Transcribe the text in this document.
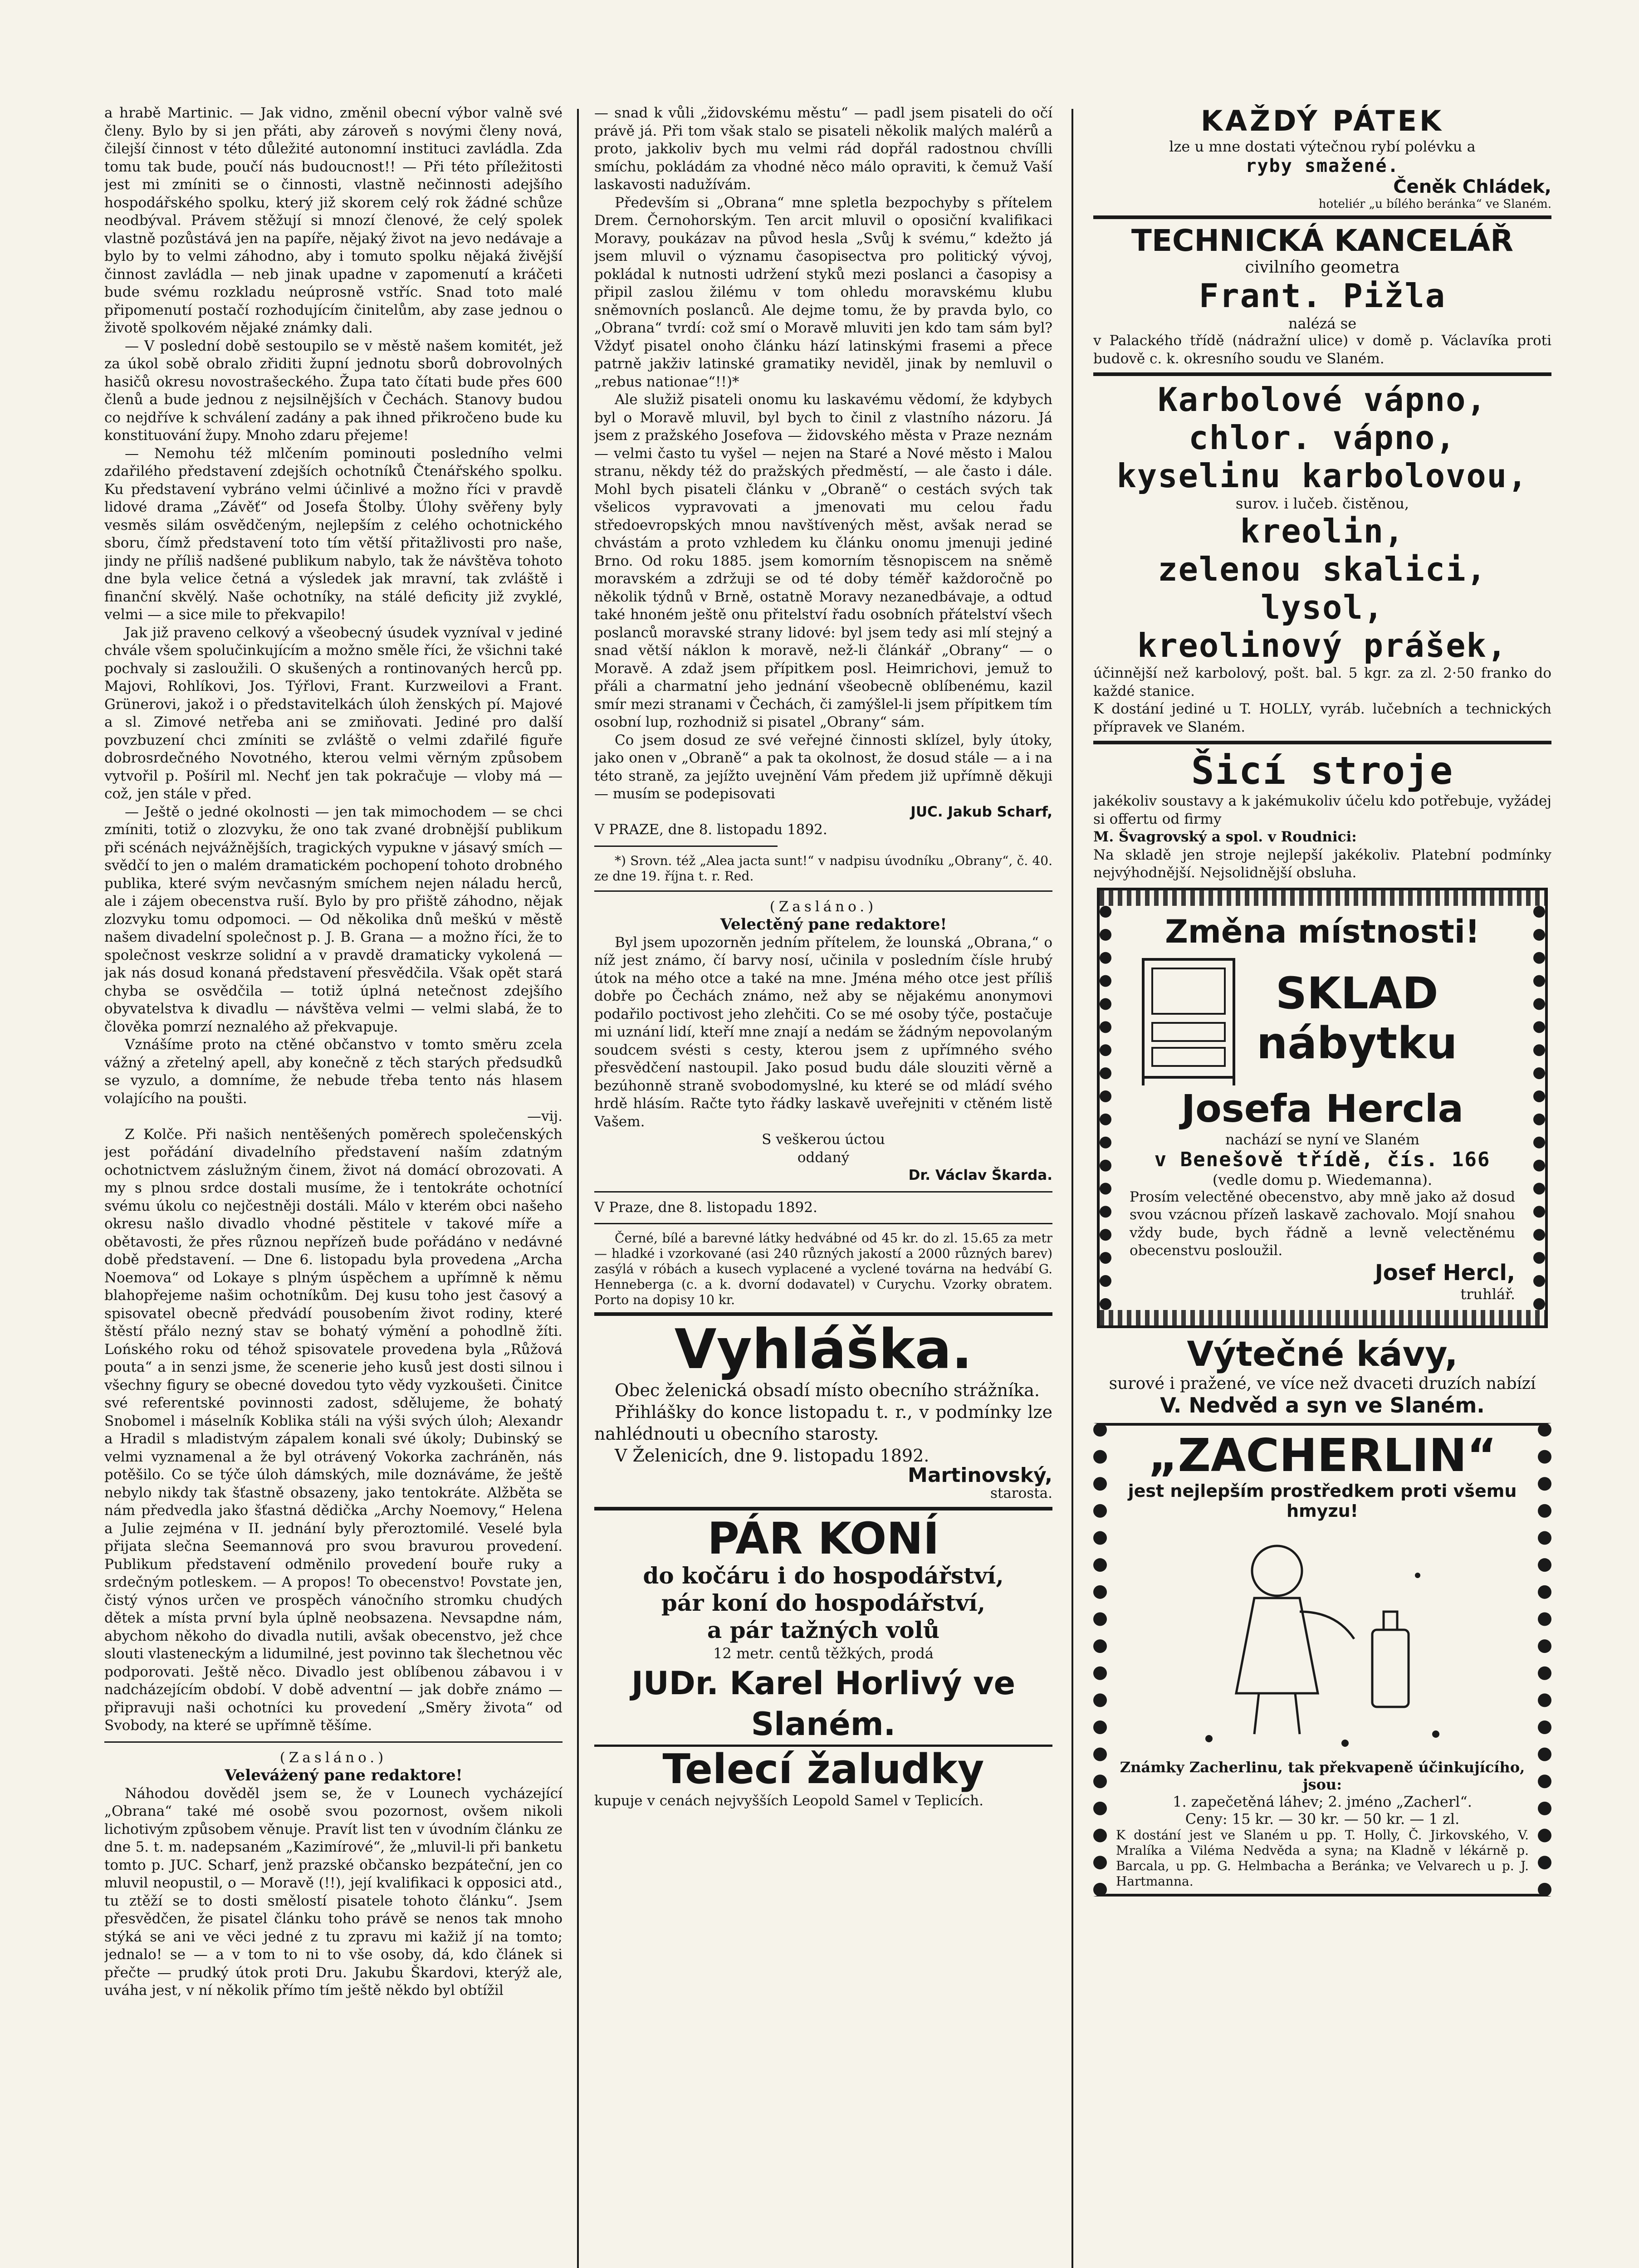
a hrabě Martinic. — Jak vidno, změnil obecní výbor valně své členy. Bylo by si jen přáti, aby zároveň s novými členy nová, čilejší činnost v této důležité autonomní instituci zavládla. Zda tomu tak bude, poučí nás budoucnost!! — Při této příležitosti jest mi zmíniti se o činnosti, vlastně nečinnosti adejšího hospodářského spolku, který již skorem celý rok žádné schůze neodbýval. Právem stěžují si mnozí členové, že celý spolek vlastně pozůstává jen na papíře, nějaký život na jevo nedávaje a bylo by to velmi záhodno, aby i tomuto spolku nějaká živější činnost zavládla — neb jinak upadne v zapomenutí a kráčeti bude svému rozkladu neúprosně vstříc. Snad toto malé připomenutí postačí rozhodujícím činitelům, aby zase jednou o životě spolkovém nějaké známky dali.

— V poslední době sestoupilo se v městě našem komitét, jež za úkol sobě obralo zřiditi župní jednotu sborů dobrovolných hasičů okresu novostrašeckého. Župa tato čítati bude přes 600 členů a bude jednou z nejsilnějších v Čechách. Stanovy budou co nejdříve k schválení zadány a pak ihned přikročeno bude ku konstituování župy. Mnoho zdaru přejeme!

— Nemohu též mlčením pominouti posledního velmi zdařilého představení zdejších ochotníků Čtenářského spolku. Ku představení vybráno velmi účinlivé a možno říci v pravdě lidové drama „Závěť“ od Josefa Štolby. Úlohy svěřeny byly vesměs silám osvědčeným, nejlepším z celého ochotnického sboru, čímž představení toto tím větší přitažlivosti pro naše, jindy ne příliš nadšené publikum nabylo, tak že návštěva tohoto dne byla velice četná a výsledek jak mravní, tak zvláště i finanční skvělý. Naše ochotníky, na stálé deficity již zvyklé, velmi — a sice mile to překvapilo!

Jak již praveno celkový a všeobecný úsudek vyzníval v jediné chvále všem spolučinkujícím a možno směle říci, že všichni také pochvaly si zasloužili. O skušených a rontinovaných herců pp. Majovi, Rohlíkovi, Jos. Týřlovi, Frant. Kurzweilovi a Frant. Grünerovi, jakož i o představitelkách úloh ženských pí. Majové a sl. Zimové netřeba ani se zmiňovati. Jediné pro další povzbuzení chci zmíniti se zvláště o velmi zdařilé figuře dobrosrdečného Novotného, kterou velmi věrným způsobem vytvořil p. Pošíril ml. Nechť jen tak pokračuje — vloby má — což, jen stále v před.

— Ještě o jedné okolnosti — jen tak mimochodem — se chci zmíniti, totiž o zlozvyku, že ono tak zvané drobnější publikum při scénách nejvážnějších, tragických vypukne v jásavý smích — svědčí to jen o malém dramatickém pochopení tohoto drobného publika, které svým nevčasným smíchem nejen náladu herců, ale i zájem obecenstva ruší. Bylo by pro přiště záhodno, nějak zlozvyku tomu odpomoci. — Od několika dnů meškú v městě našem divadelní společnost p. J. B. Grana — a možno říci, že to společnost veskrze solidní a v pravdě dramaticky vykolená — jak nás dosud konaná představení přesvědčila. Však opět stará chyba se osvědčila — totiž úplná netečnost zdejšího obyvatelstva k divadlu — návštěva velmi — velmi slabá, že to člověka pomrzí neznalého až překvapuje.

Vznášíme proto na ctěné občanstvo v tomto směru zcela vážný a zřetelný apell, aby konečně z těch starých předsudků se vyzulo, a domníme, že nebude třeba tento nás hlasem volajícího na poušti.

—vij.

Z Kolče. Při našich nentěšených poměrech společenských jest pořádání divadelního představení naším zdatným ochotnictvem záslužným činem, život ná domácí obrozovati. A my s plnou srdce dostali musíme, že i tentokráte ochotnící svému úkolu co nejčestněji dostáli. Málo v kterém obci našeho okresu našlo divadlo vhodné pěstitele v takové míře a obětavosti, že přes různou nepřízeň bude pořádáno v nedávné době představení. — Dne 6. listopadu byla provedena „Archa Noemova“ od Lokaye s plným úspěchem a upřímně k němu blahopřejeme našim ochotníkům. Dej kusu toho jest časový a spisovatel obecně předvádí pousobením život rodiny, které štěstí přálo nezný stav se bohatý výmění a pohodlně žíti. Lońského roku od téhož spisovatele provedena byla „Růžová pouta“ a in senzi jsme, že scenerie jeho kusů jest dosti silnou i všechny figury se obecné dovedou tyto vědy vyzkoušeti. Činitce své referentské povinnosti zadost, sdělujeme, že bohatý Snobomel i máselník Koblika stáli na výši svých úloh; Alexandr a Hradil s mladistvým zápalem konali své úkoly; Dubinský se velmi vyznamenal a že byl otrávený Vokorka zachráněn, nás potěšilo. Co se týče úloh dámských, mile doznáváme, že ještě nebylo nikdy tak šťastně obsazeny, jako tentokráte. Alžběta se nám předvedla jako šťastná dědička „Archy Noemovy,“ Helena a Julie zejména v II. jednání byly přeroztomilé. Veselé byla přijata slečna Seemannová pro svou bravurou provedení. Publikum představení odměnilo provedení bouře ruky a srdečným potleskem. — A propos! To obecenstvo! Povstate jen, čistý výnos určen ve prospěch vánočního stromku chudých dětek a místa první byla úplně neobsazena. Nevsapdne nám, abychom někoho do divadla nutili, avšak obecenstvo, jež chce slouti vlasteneckým a lidumilné, jest povinno tak šlechetnou věc podporovati. Ještě něco. Divadlo jest oblíbenou zábavou i v nadcházejícím období. V době adventní — jak dobře známo — připravuji naši ochotníci ku provedení „Směry života“ od Svobody, na které se upřímně těšíme.

(Zasláno.)

Veleváżený pane redaktore!

Náhodou dověděl jsem se, že v Lounech vycházející „Obrana“ také mé osobě svou pozornost, ovšem nikoli lichotivým způsobem věnuje. Pravít list ten v úvodním článku ze dne 5. t. m. nadepsaném „Kazimírové“, že „mluvil-li při banketu tomto p. JUC. Scharf, jenž prazské občansko bezpáteční, jen co mluvil neopustil, o — Moravě (!!), její kvalifikaci k opposici atd., tu ztěží se to dosti smělostí pisatele tohoto článku“. Jsem přesvědčen, že pisatel článku toho právě se nenos tak mnoho stýká se ani ve věci jedné z tu zpravu mi kažiž jí na tomto; jednalo! se — a v tom to ni to vše osoby, dá, kdo článek si přečte — prudký útok proti Dru. Jakubu Škardovi, kterýž ale, uváha jest, v ní několik přímo tím ještě někdo byl obtížil

— snad k vůli „židovskému městu“ — padl jsem pisateli do očí právě já. Při tom však stalo se pisateli několik malých malérů a proto, jakkoliv bych mu velmi rád dopřál radostnou chvílli smíchu, pokládám za vhodné něco málo opraviti, k čemuž Vaší laskavosti nadužívám.

Především si „Obrana“ mne spletla bezpochyby s přítelem Drem. Černohorským. Ten arcit mluvil o oposiční kvalifikaci Moravy, poukázav na původ hesla „Svůj k svému,“ kdežto já jsem mluvil o významu časopisectva pro politický vývoj, pokládal k nutnosti udržení styků mezi poslanci a časopisy a připil zaslou žilému v tom ohledu moravskému klubu sněmovních poslanců. Ale dejme tomu, že by pravda bylo, co „Obrana“ tvrdí: což smí o Moravě mluviti jen kdo tam sám byl? Vždyť pisatel onoho článku hází latinskými frasemi a přece patrně jakživ latinské gramatiky neviděl, jinak by nemluvil o „rebus nationae“!!)*

Ale služiž pisateli onomu ku laskavému vědomí, že kdybych byl o Moravě mluvil, byl bych to činil z vlastního názoru. Já jsem z pražského Josefova — židovského města v Praze neznám — velmi často tu vyšel — nejen na Staré a Nové město i Malou stranu, někdy též do pražských předměstí, — ale často i dále. Mohl bych pisateli článku v „Obraně“ o cestách svých tak všelicos vypravovati a jmenovati mu celou řadu středoevropských mnou navštívených měst, avšak nerad se chvástám a proto vzhledem ku článku onomu jmenuji jediné Brno. Od roku 1885. jsem komorním těsnopiscem na sněmě moravském a zdržuji se od té doby téměř každoročně po několik týdnů v Brně, ostatně Moravy nezanedbávaje, a odtud také hnoném ještě onu přitelství řadu osobních přátelství všech poslanců moravské strany lidové: byl jsem tedy asi mlí stejný a snad větší náklon k moravě, než-li článkář „Obrany“ — o Moravě. A zdaž jsem přípitkem posl. Heimrichovi, jemuž to přáli a charmatní jeho jednání všeobecně oblíbenému, kazil smír mezi stranami v Čechách, či zamýšlel-li jsem přípitkem tím osobní lup, rozhodniž si pisatel „Obrany“ sám.

Co jsem dosud ze své veřejné činnosti sklízel, byly útoky, jako onen v „Obraně“ a pak ta okolnost, že dosud stále — a i na této straně, za jejížto uvejnění Vám předem již upřímně děkuji — musím se podepisovati

JUC. Jakub Scharf,

V PRAZE, dne 8. listopadu 1892.

*) Srovn. též „Alea jacta sunt!“ v nadpisu úvodníku „Obrany“, č. 40. ze dne 19. října t. r. Red.

(Zasláno.)

Velectěný pane redaktore!

Byl jsem upozorněn jedním přítelem, že lounská „Obrana,“ o níž jest známo, čí barvy nosí, učinila v posledním čísle hrubý útok na mého otce a také na mne. Jména mého otce jest příliš dobře po Čechách známo, než aby se nějakému anonymovi podařilo poctivost jeho zlehčiti. Co se mé osoby týče, postačuje mi uznání lidí, kteří mne znají a nedám se žádným nepovolaným soudcem svésti s cesty, kterou jsem z upřímného svého přesvědčení nastoupil. Jako posud budu dále slouziti věrně a bezúhonně straně svobodomyslné, ku které se od mládí svého hrdě hlásím. Račte tyto řádky laskavě uveřejniti v ctěném listě Vašem.

S veškerou úctou

oddaný

Dr. Václav Škarda.

V Praze, dne 8. listopadu 1892.

Černé, bílé a barevné látky hedvábné od 45 kr. do zl. 15.65 za metr — hladké i vzorkované (asi 240 různých jakostí a 2000 různých barev) zasýlá v róbách a kusech vyplacené a vyclené továrna na hedvábí G. Henneberga (c. a k. dvorní dodavatel) v Curychu. Vzorky obratem. Porto na dopisy 10 kr.

Vyhláška.

Obec želenická obsadí místo obecního strážníka.

Přihlášky do konce listopadu t. r., v podmínky lze nahlédnouti u obecního starosty.

V Želenicích, dne 9. listopadu 1892.

Martinovský,

starosta.

PÁR KONÍ
do kočáru i do hospodářství,
pár koní do hospodářství,
a pár tažných volů
12 metr. centů těžkých, prodá
JUDr. Karel Horlivý ve Slaném.
Telecí žaludky

kupuje v cenách nejvyšších Leopold Samel v Teplicích.

KAŽDÝ PÁTEK
lze u mne dostati výtečnou rybí polévku a
ryby smažené.
Čeněk Chládek,
hoteliér „u bílého beránka“ ve Slaném.
TECHNICKÁ KANCELÁŘ
civilního geometra
Frant. Pižla
nalézá se

v Palackého třídě (nádražní ulice) v domě p. Václavíka proti budově c. k. okresního soudu ve Slaném.

Karbolové vápno,
chlor. vápno,
kyselinu karbolovou,
surov. i lučeb. čistěnou,
kreolin,
zelenou skalici,
lysol,
kreolinový prášek,

účinnější než karbolový, pošt. bal. 5 kgr. za zl. 2·50 franko do každé stanice.

K dostání jediné u T. HOLLY, vyráb. lučebních a technických přípravek ve Slaném.

Šicí stroje

jakékoliv soustavy a k jakémukoliv účelu kdo potřebuje, vyžádej si offertu od firmy

M. Švagrovský a spol. v Roudnici:

Na skladě jen stroje nejlepší jakékoliv. Platební podmínky nejvýhodnější. Nejsolidnější obsluha.

Změna místnosti!
SKLAD
nábytku
Josefa Hercla
nachází se nyní ve Slaném
v Benešově třídě, čís. 166
(vedle domu p. Wiedemanna).

Prosím velectěné obecenstvo, aby mně jako až dosud svou vzácnou přízeň laskavě zachovalo. Mojí snahou vždy bude, bych řádně a levně velectěnému obecenstvu posloužil.

Josef Hercl,
truhlář.
Výtečné kávy,
surové i pražené, ve více než dvaceti druzích nabízí
V. Nedvěd a syn ve Slaném.
„ZACHERLIN“
jest nejlepším prostředkem proti všemu hmyzu!
Známky Zacherlinu, tak překvapeně účinkujícího, jsou:
1. zapečetěná láhev; 2. jméno „Zacherl“.
Ceny: 15 kr. — 30 kr. — 50 kr. — 1 zl.

K dostání jest ve Slaném u pp. T. Holly, Č. Jirkovského, V. Mralíka a Viléma Nedvěda a syna; na Kladně v lékárně p. Barcala, u pp. G. Helmbacha a Beránka; ve Velvarech u p. J. Hartmanna.
